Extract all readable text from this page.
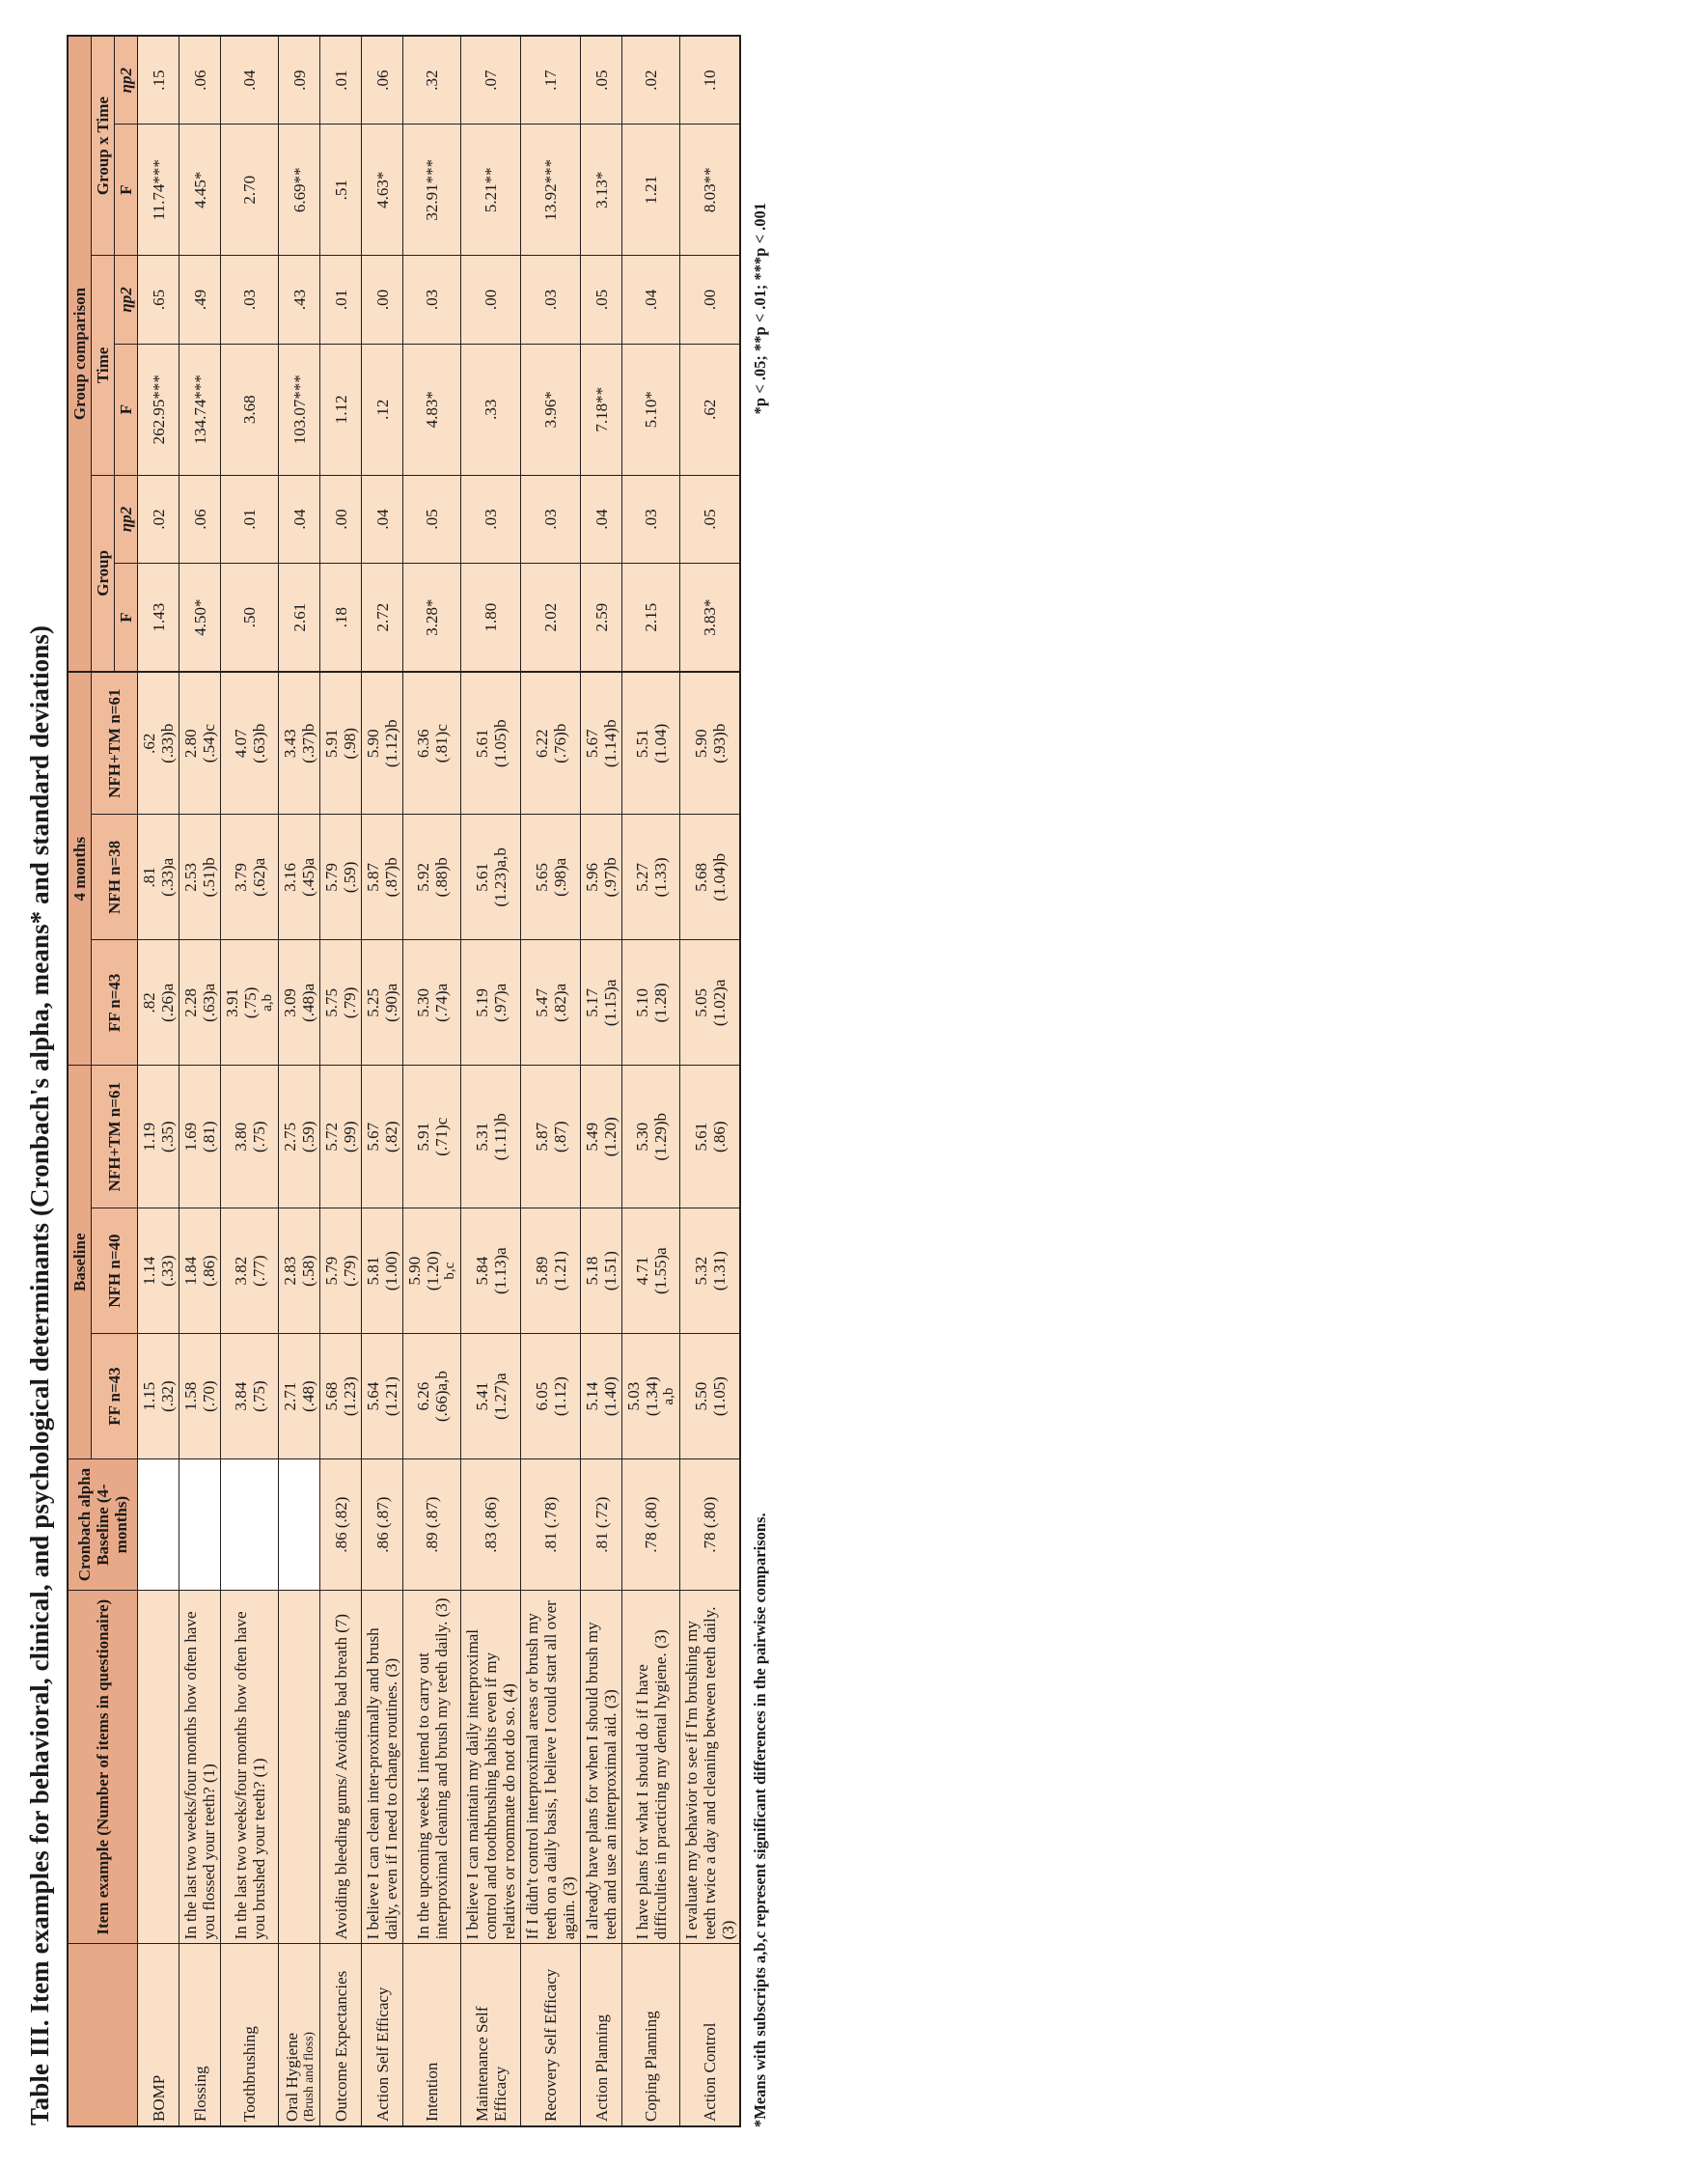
Table III. Item examples for behavioral, clinical, and psychological determinants (Cronbach's alpha, means* and standard deviations)
	Item example (Number of items in questionaire)	Cronbach alpha Baseline (4-months)	Baseline			4 months			Group comparison					
			FF n=43	NFH n=40	NFH+TM n=61	FF n=43	NFH n=38	NFH+TM n=61	Group		Time		Group x Time	
									F	ηp2	F	ηp2	F	ηp2
BOMP			1.15 (.32)	1.14 (.33)	1.19 (.35)	.82 (.26)a	.81 (.33)a	.62 (.33)b	1.43	.02	262.95***	.65	11.74***	.15
Flossing	In the last two weeks/four months how often have you flossed your teeth? (1)		1.58 (.70)	1.84 (.86)	1.69 (.81)	2.28 (.63)a	2.53 (.51)b	2.80 (.54)c	4.50*	.06	134.74***	.49	4.45*	.06
Toothbrushing	In the last two weeks/four months how often have you brushed your teeth? (1)		3.84 (.75)	3.82 (.77)	3.80 (.75)	3.91 (.75) a,b	3.79 (.62)a	4.07 (.63)b	.50	.01	3.68	.03	2.70	.04
Oral Hygiene (Brush and floss)			2.71 (.48)	2.83 (.58)	2.75 (.59)	3.09 (.48)a	3.16 (.45)a	3.43 (.37)b	2.61	.04	103.07***	.43	6.69**	.09
Outcome Expectancies	Avoiding bleeding gums/ Avoiding bad breath (7)	.86 (.82)	5.68 (1.23)	5.79 (.79)	5.72 (.99)	5.75 (.79)	5.79 (.59)	5.91 (.98)	.18	.00	1.12	.01	.51	.01
Action Self Efficacy	I believe I can clean inter-proximally and brush daily, even if I need to change routines. (3)	.86 (.87)	5.64 (1.21)	5.81 (1.00)	5.67 (.82)	5.25 (.90)a	5.87 (.87)b	5.90 (1.12)b	2.72	.04	.12	.00	4.63*	.06
Intention	In the upcoming weeks I intend to carry out interproximal cleaning and brush my teeth daily. (3)	.89 (.87)	6.26 (.66)a,b	5.90 (1.20) b,c	5.91 (.71)c	5.30 (.74)a	5.92 (.88)b	6.36 (.81)c	3.28*	.05	4.83*	.03	32.91***	.32
Maintenance Self Efficacy	I believe I can maintain my daily interproximal control and toothbrushing habits even if my relatives or roommate do not do so. (4)	.83 (.86)	5.41 (1.27)a	5.84 (1.13)a	5.31 (1.11)b	5.19 (.97)a	5.61 (1.23)a,b	5.61 (1.05)b	1.80	.03	.33	.00	5.21**	.07
Recovery Self Efficacy	If I didn't control interproximal areas or brush my teeth on a daily basis, I believe I could start all over again. (3)	.81 (.78)	6.05 (1.12)	5.89 (1.21)	5.87 (.87)	5.47 (.82)a	5.65 (.98)a	6.22 (.76)b	2.02	.03	3.96*	.03	13.92***	.17
Action Planning	I already have plans for when I should brush my teeth and use an interproximal aid. (3)	.81 (.72)	5.14 (1.40)	5.18 (1.51)	5.49 (1.20)	5.17 (1.15)a	5.96 (.97)b	5.67 (1.14)b	2.59	.04	7.18**	.05	3.13*	.05
Coping Planning	I have plans for what I should do if I have difficulties in practicing my dental hygiene. (3)	.78 (.80)	5.03 (1.34) a,b	4.71 (1.55)a	5.30 (1.29)b	5.10 (1.28)	5.27 (1.33)	5.51 (1.04)	2.15	.03	5.10*	.04	1.21	.02
Action Control	I evaluate my behavior to see if I'm brushing my teeth twice a day and cleaning between teeth daily. (3)	.78 (.80)	5.50 (1.05)	5.32 (1.31)	5.61 (.86)	5.05 (1.02)a	5.68 (1.04)b	5.90 (.93)b	3.83*	.05	.62	.00	8.03**	.10
*Means with subscripts a,b,c represent significant differences in the pairwise comparisons.
*p < .05; **p < .01; ***p < .001
